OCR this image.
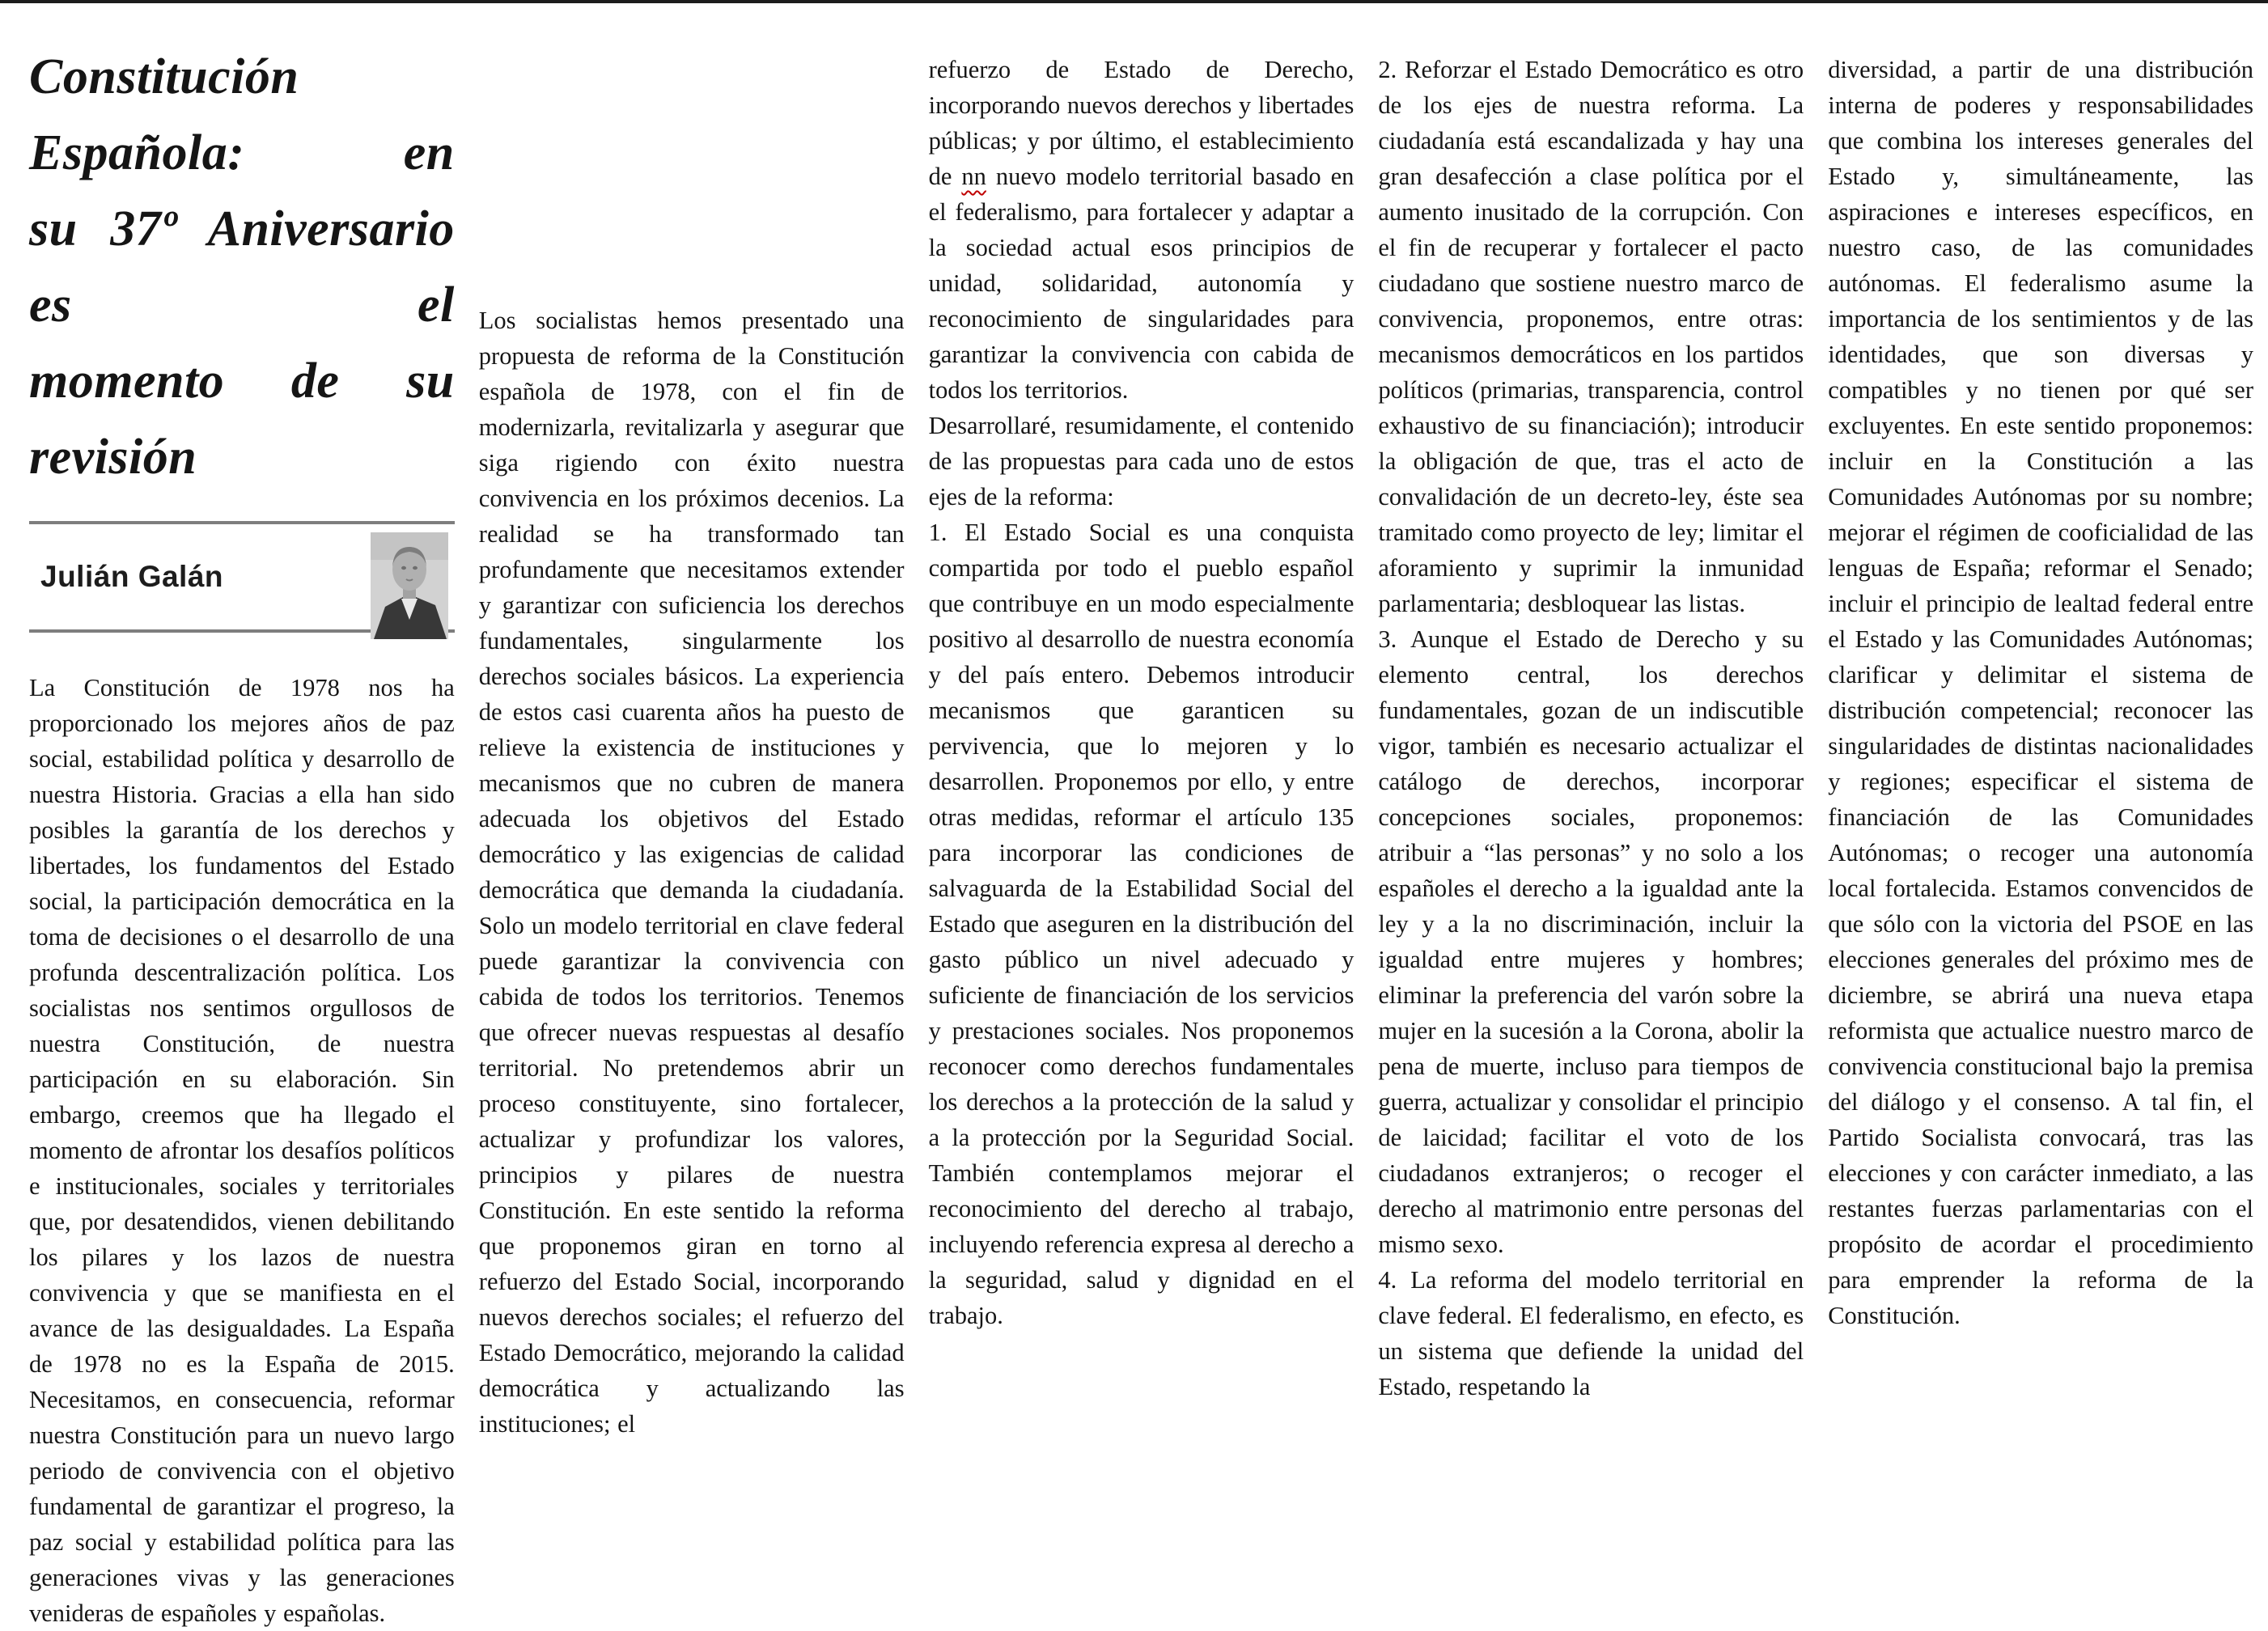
Constitución Española: en
su 37º Aniversario es el
momento de su revisión
Julián Galán

La Constitución de 1978 nos ha proporcionado los mejores años de paz social, estabilidad política y desarrollo de nuestra Historia. Gracias a ella han sido posibles la garantía de los derechos y libertades, los fundamentos del Estado social, la participación democrática en la toma de decisiones o el desarrollo de una profunda descentralización política. Los socialistas nos sentimos orgullosos de nuestra Constitución, de nuestra participación en su elaboración. Sin embargo, creemos que ha llegado el momento de afrontar los desafíos políticos e institucionales, sociales y territoriales que, por desatendidos, vienen debilitando los pilares y los lazos de nuestra convivencia y que se manifiesta en el avance de las desigualdades. La España de 1978 no es la España de 2015. Necesitamos, en consecuencia, reformar nuestra Constitución para un nuevo largo periodo de convivencia con el objetivo fundamental de garantizar el progreso, la paz social y estabilidad política para las generaciones vivas y las generaciones venideras de españoles y españolas.

Los socialistas hemos presentado una propuesta de reforma de la Constitución española de 1978, con el fin de modernizarla, revitalizarla y asegurar que siga rigiendo con éxito nuestra convivencia en los próximos decenios. La realidad se ha transformado tan profundamente que necesitamos extender y garantizar con suficiencia los derechos fundamentales, singularmente los derechos sociales básicos. La experiencia de estos casi cuarenta años ha puesto de relieve la existencia de instituciones y mecanismos que no cubren de manera adecuada los objetivos del Estado democrático y las exigencias de calidad democrática que demanda la ciudadanía. Solo un modelo territorial en clave federal puede garantizar la convivencia con cabida de todos los territorios. Tenemos que ofrecer nuevas respuestas al desafío territorial. No pretendemos abrir un proceso constituyente, sino fortalecer, actualizar y profundizar los valores, principios y pilares de nuestra Constitución. En este sentido la reforma que proponemos giran en torno al refuerzo del Estado Social, incorporando nuevos derechos sociales; el refuerzo del Estado Democrático, mejorando la calidad democrática y actualizando las instituciones; el

refuerzo de Estado de Derecho, incorporando nuevos derechos y libertades públicas; y por último, el establecimiento de nn nuevo modelo territorial basado en el federalismo, para fortalecer y adaptar a la sociedad actual esos principios de unidad, solidaridad, autonomía y reconocimiento de singularidades para garantizar la convivencia con cabida de todos los territorios.

Desarrollaré, resumidamente, el contenido de las propuestas para cada uno de estos ejes de la reforma:

1. El Estado Social es una conquista compartida por todo el pueblo español que contribuye en un modo especialmente positivo al desarrollo de nuestra economía y del país entero. Debemos introducir mecanismos que garanticen su pervivencia, que lo mejoren y lo desarrollen. Proponemos por ello, y entre otras medidas, reformar el artículo 135 para incorporar las condiciones de salvaguarda de la Estabilidad Social del Estado que aseguren en la distribución del gasto público un nivel adecuado y suficiente de financiación de los servicios y prestaciones sociales. Nos proponemos reconocer como derechos fundamentales los derechos a la protección de la salud y a la protección por la Seguridad Social. También contemplamos mejorar el reconocimiento del derecho al trabajo, incluyendo referencia expresa al derecho a la seguridad, salud y dignidad en el trabajo.

2. Reforzar el Estado Democrático es otro de los ejes de nuestra reforma. La ciudadanía está escandalizada y hay una gran desafección a clase política por el aumento inusitado de la corrupción. Con el fin de recuperar y fortalecer el pacto ciudadano que sostiene nuestro marco de convivencia, proponemos, entre otras: mecanismos democráticos en los partidos políticos (primarias, transparencia, control exhaustivo de su financiación); introducir la obligación de que, tras el acto de convalidación de un decreto-ley, éste sea tramitado como proyecto de ley; limitar el aforamiento y suprimir la inmunidad parlamentaria; desbloquear las listas.

3. Aunque el Estado de Derecho y su elemento central, los derechos fundamentales, gozan de un indiscutible vigor, también es necesario actualizar el catálogo de derechos, incorporar concepciones sociales, proponemos: atribuir a “las personas” y no solo a los españoles el derecho a la igualdad ante la ley y a la no discriminación, incluir la igualdad entre mujeres y hombres; eliminar la preferencia del varón sobre la mujer en la sucesión a la Corona, abolir la pena de muerte, incluso para tiempos de guerra, actualizar y consolidar el principio de laicidad; facilitar el voto de los ciudadanos extranjeros; o recoger el derecho al matrimonio entre personas del mismo sexo.

4. La reforma del modelo territorial en clave federal. El federalismo, en efecto, es un sistema que defiende la unidad del Estado, respetando la

diversidad, a partir de una distribución interna de poderes y responsabilidades que combina los intereses generales del Estado y, simultáneamente, las aspiraciones e intereses específicos, en nuestro caso, de las comunidades autónomas. El federalismo asume la importancia de los sentimientos y de las identidades, que son diversas y compatibles y no tienen por qué ser excluyentes. En este sentido proponemos: incluir en la Constitución a las Comunidades Autónomas por su nombre; mejorar el régimen de cooficialidad de las lenguas de España; reformar el Senado; incluir el principio de lealtad federal entre el Estado y las Comunidades Autónomas; clarificar y delimitar el sistema de distribución competencial; reconocer las singularidades de distintas nacionalidades y regiones; especificar el sistema de financiación de las Comunidades Autónomas; o recoger una autonomía local fortalecida. Estamos convencidos de que sólo con la victoria del PSOE en las elecciones generales del próximo mes de diciembre, se abrirá una nueva etapa reformista que actualice nuestro marco de convivencia constitucional bajo la premisa del diálogo y el consenso. A tal fin, el Partido Socialista convocará, tras las elecciones y con carácter inmediato, a las restantes fuerzas parlamentarias con el propósito de acordar el procedimiento para emprender la reforma de la Constitución.
